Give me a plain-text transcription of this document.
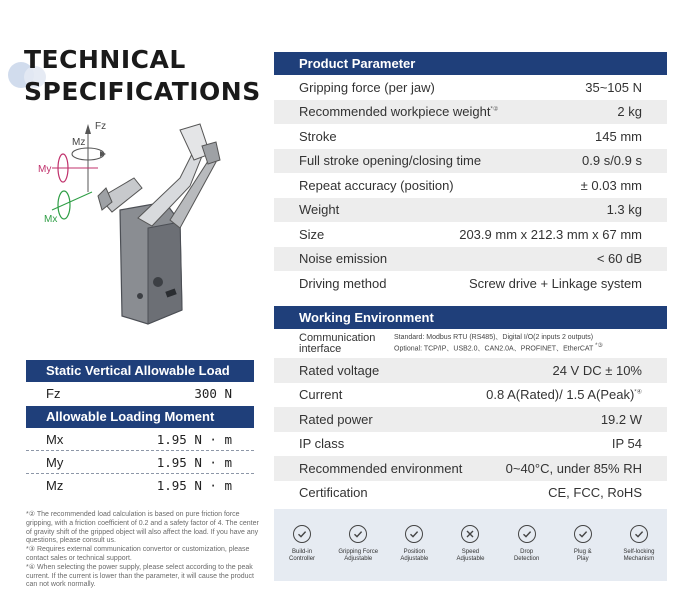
TECHNICAL
SPECIFICATIONS
Fz
Mz
My
Mx
Static Vertical Allowable Load
Fz	300 N
Allowable Loading Moment
Mx	1.95 N · m
My	1.95 N · m
Mz	1.95 N · m
*② The recommended load calculation is based on pure friction force gripping, with a friction coefficient of 0.2 and a safety factor of 4. The center of gravity shift of the gripped object will also affect the load. If you have any questions, please consult us.
*③ Requires external communication convertor or customization, please contact sales or technical support.
*④ When selecting the power supply, please select according to the peak current. If the current is lower than the parameter, it will cause the product can not work normally.
Product Parameter
Gripping force (per jaw)	35~105 N
Recommended workpiece weight*②	2 kg
Stroke	145 mm
Full stroke opening/closing time	0.9 s/0.9 s
Repeat accuracy (position)	± 0.03 mm
Weight	1.3 kg
Size	203.9 mm x 212.3 mm x 67 mm
Noise emission	< 60 dB
Driving method	Screw drive + Linkage system
Working Environment
Communication
interface
Standard: Modbus RTU (RS485)、Digital I/O(2 inputs 2 outputs)
Optional: TCP/IP、USB2.0、CAN2.0A、PROFINET、EtherCAT *③
Rated voltage	24 V DC ± 10%
Current	0.8 A(Rated)/ 1.5 A(Peak)*④
Rated power	19.2 W
IP class	IP 54
Recommended environment	0~40°C, under 85% RH
Certification	CE, FCC, RoHS
Build-in
Controller
Gripping Force
Adjustable
Position
Adjustable
Speed
Adjustable
Drop
Detection
Plug &
Play
Self-locking
Mechanism
